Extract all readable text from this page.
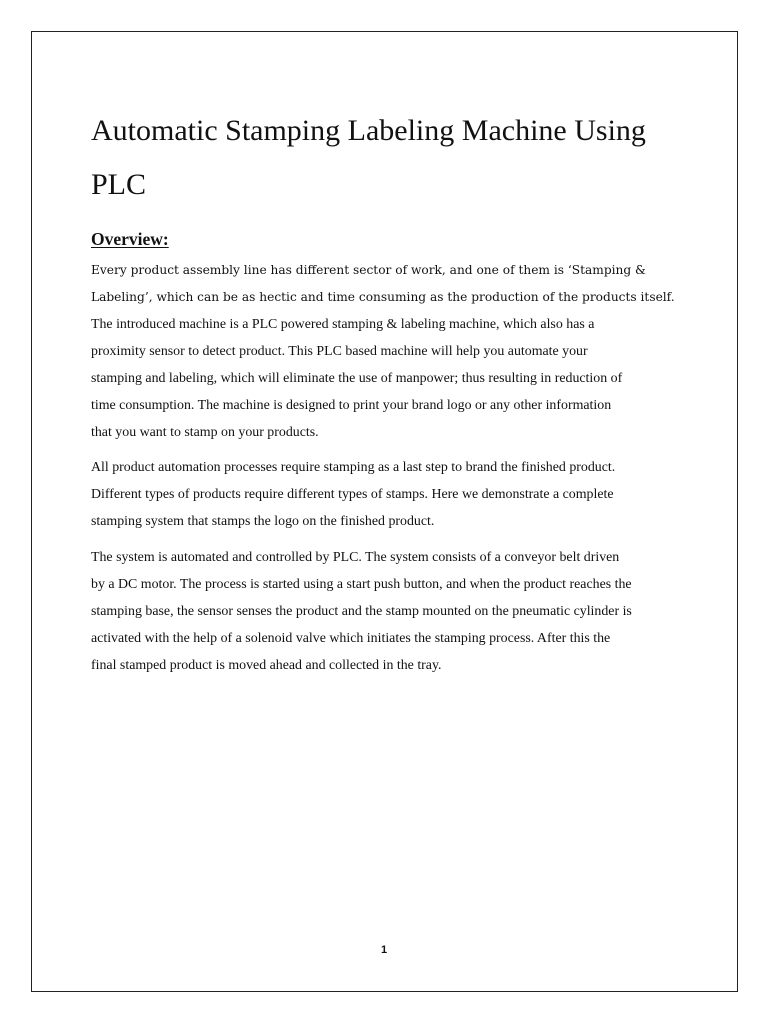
Automatic Stamping Labeling Machine Using
PLC
Overview:

Every product assembly line has different sector of work, and one of them is ‘Stamping &
Labeling’, which can be as hectic and time consuming as the production of the products itself.
The introduced machine is a PLC powered stamping & labeling machine, which also has a
proximity sensor to detect product. This PLC based machine will help you automate your
stamping and labeling, which will eliminate the use of manpower; thus resulting in reduction of
time consumption. The machine is designed to print your brand logo or any other information
that you want to stamp on your products.

All product automation processes require stamping as a last step to brand the finished product.
Different types of products require different types of stamps. Here we demonstrate a complete
stamping system that stamps the logo on the finished product.

The system is automated and controlled by PLC. The system consists of a conveyor belt driven
by a DC motor. The process is started using a start push button, and when the product reaches the
stamping base, the sensor senses the product and the stamp mounted on the pneumatic cylinder is
activated with the help of a solenoid valve which initiates the stamping process. After this the
final stamped product is moved ahead and collected in the tray.

1
